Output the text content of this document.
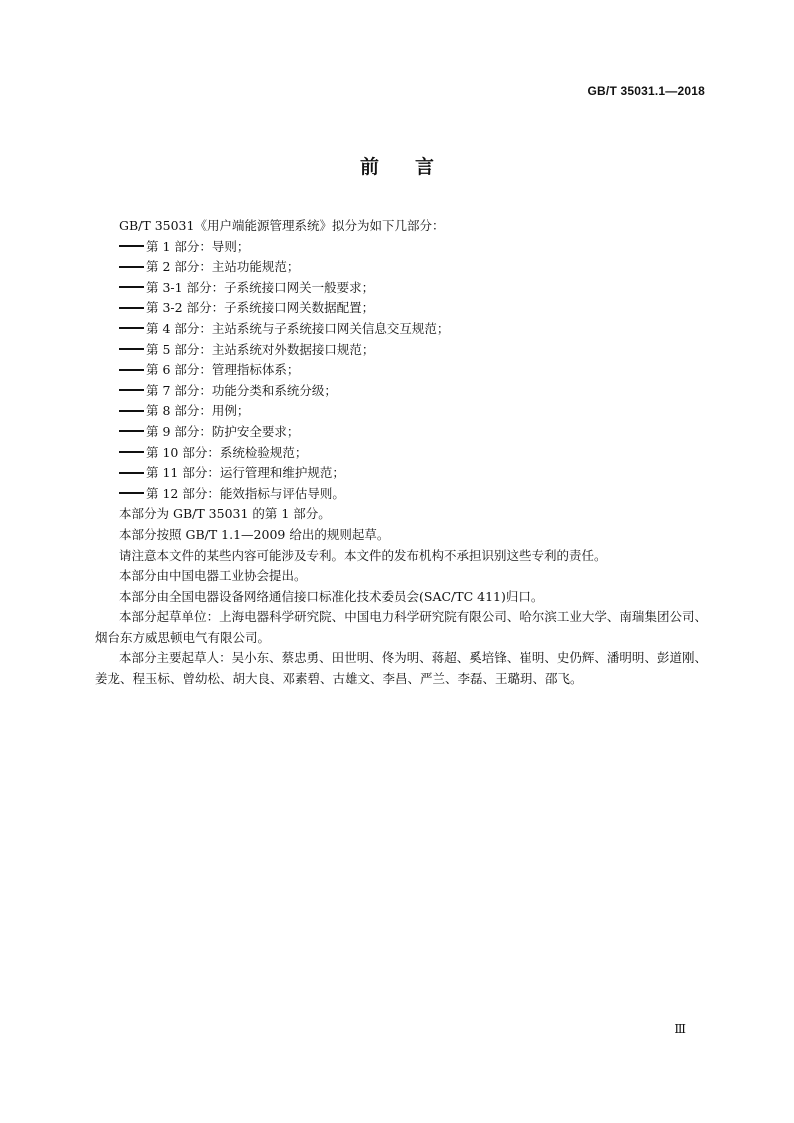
GB/T 35031.1—2018
前言

GB/T 35031《用户端能源管理系统》拟分为如下几部分：

第 1 部分：导则；

第 2 部分：主站功能规范；

第 3-1 部分：子系统接口网关一般要求；

第 3-2 部分：子系统接口网关数据配置；

第 4 部分：主站系统与子系统接口网关信息交互规范；

第 5 部分：主站系统对外数据接口规范；

第 6 部分：管理指标体系；

第 7 部分：功能分类和系统分级；

第 8 部分：用例；

第 9 部分：防护安全要求；

第 10 部分：系统检验规范；

第 11 部分：运行管理和维护规范；

第 12 部分：能效指标与评估导则。

本部分为 GB/T 35031 的第 1 部分。

本部分按照 GB/T 1.1—2009 给出的规则起草。

请注意本文件的某些内容可能涉及专利。本文件的发布机构不承担识别这些专利的责任。

本部分由中国电器工业协会提出。

本部分由全国电器设备网络通信接口标准化技术委员会(SAC/TC 411)归口。

本部分起草单位：上海电器科学研究院、中国电力科学研究院有限公司、哈尔滨工业大学、南瑞集团公司、烟台东方威思顿电气有限公司。

本部分主要起草人：吴小东、蔡忠勇、田世明、佟为明、蒋超、奚培锋、崔明、史仍辉、潘明明、彭道刚、姜龙、程玉标、曾幼松、胡大良、邓素碧、古雄文、李昌、严兰、李磊、王璐玥、邵飞。

Ⅲ
